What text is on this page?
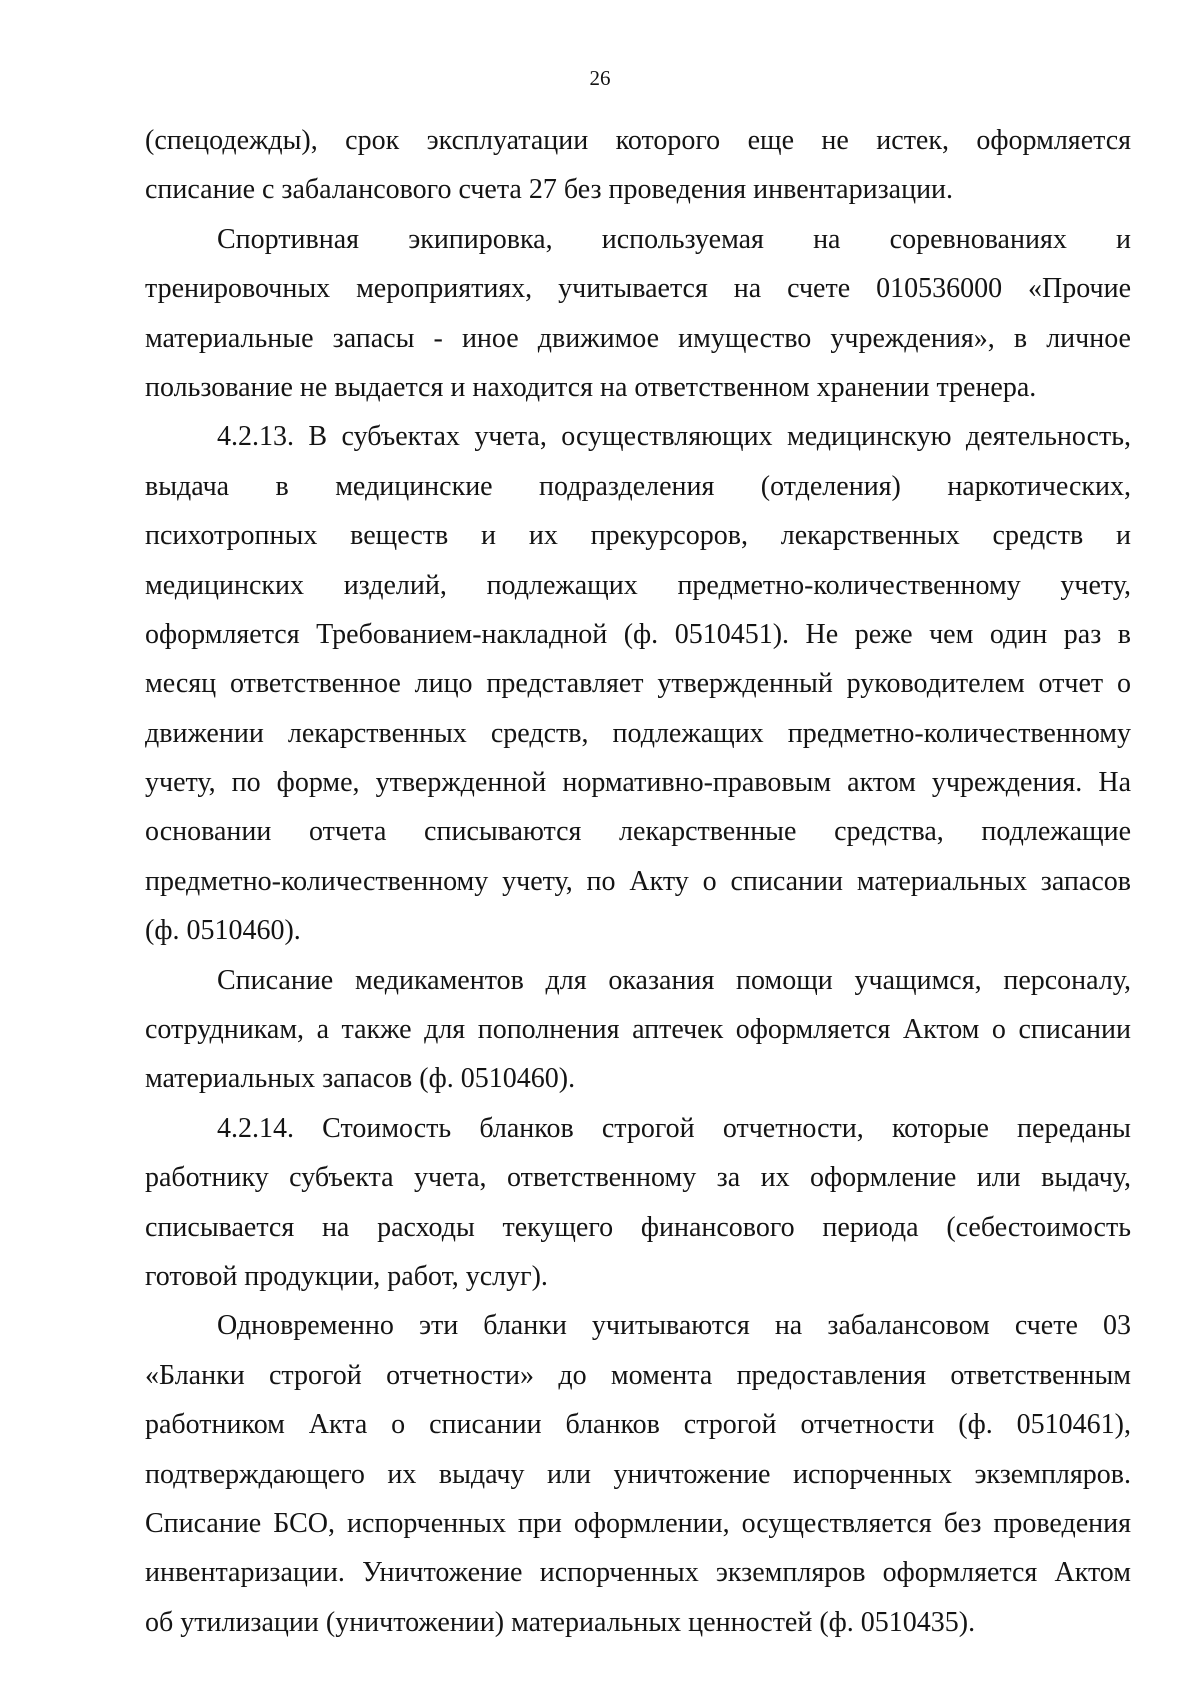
26

(спецодежды), срок эксплуатации которого еще не истек, оформляется
списание с забалансового счета 27 без проведения инвентаризации.

Спортивная экипировка, используемая на соревнованиях и
тренировочных мероприятиях, учитывается на счете 010536000 «Прочие
материальные запасы - иное движимое имущество учреждения», в личное
пользование не выдается и находится на ответственном хранении тренера.

4.2.13. В субъектах учета, осуществляющих медицинскую деятельность,
выдача в медицинские подразделения (отделения) наркотических,
психотропных веществ и их прекурсоров, лекарственных средств и
медицинских изделий, подлежащих предметно-количественному учету,
оформляется Требованием-накладной (ф. 0510451). Не реже чем один раз в
месяц ответственное лицо представляет утвержденный руководителем отчет о
движении лекарственных средств, подлежащих предметно-количественному
учету, по форме, утвержденной нормативно-правовым актом учреждения. На
основании отчета списываются лекарственные средства, подлежащие
предметно-количественному учету, по Акту о списании материальных запасов
(ф. 0510460).

Списание медикаментов для оказания помощи учащимся, персоналу,
сотрудникам, а также для пополнения аптечек оформляется Актом о списании
материальных запасов (ф. 0510460).

4.2.14. Стоимость бланков строгой отчетности, которые переданы
работнику субъекта учета, ответственному за их оформление или выдачу,
списывается на расходы текущего финансового периода (себестоимость
готовой продукции, работ, услуг).

Одновременно эти бланки учитываются на забалансовом счете 03
«Бланки строгой отчетности» до момента предоставления ответственным
работником Акта о списании бланков строгой отчетности (ф. 0510461),
подтверждающего их выдачу или уничтожение испорченных экземпляров.
Списание БСО, испорченных при оформлении, осуществляется без проведения
инвентаризации. Уничтожение испорченных экземпляров оформляется Актом
об утилизации (уничтожении) материальных ценностей (ф. 0510435).
